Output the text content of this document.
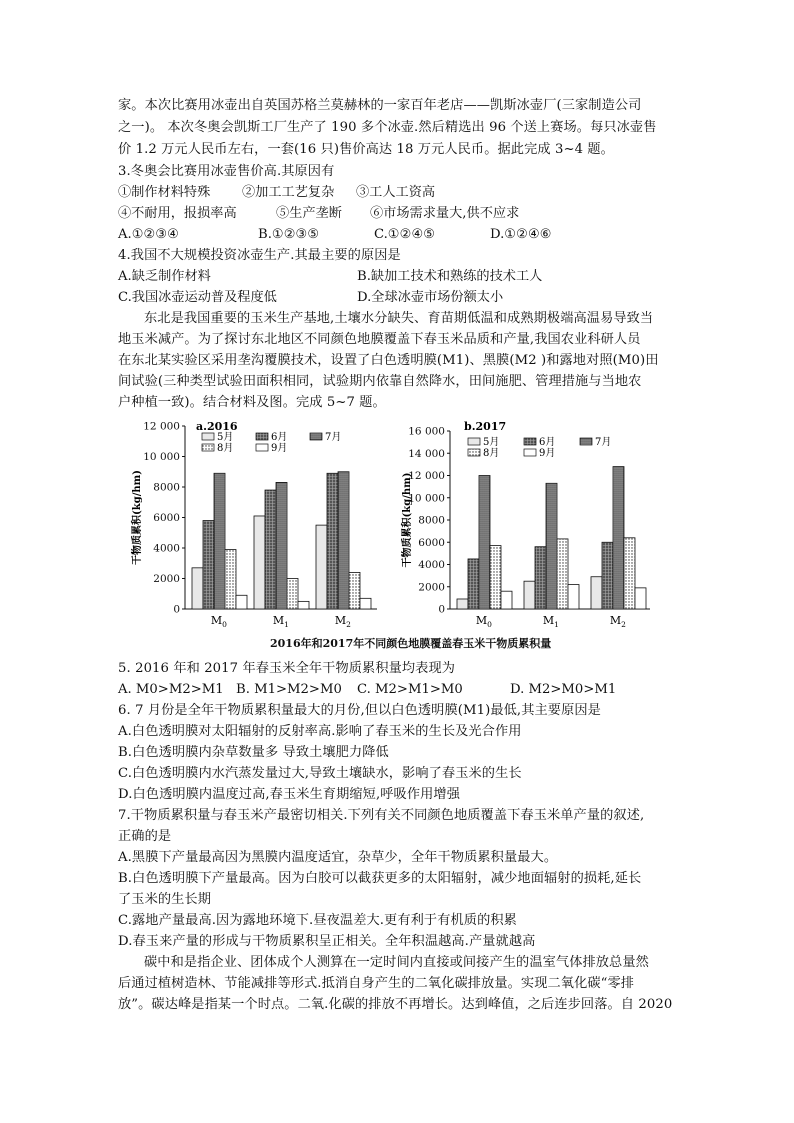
家。本次比赛用冰壶出自英国苏格兰莫赫林的一家百年老店——凯斯冰壶厂(三家制造公司
之一)。 本次冬奥会凯斯工厂生产了 190 多个冰壶.然后精选出 96 个送上赛场。每只冰壶售
价 1.2 万元人民币左右，一套(16 只)售价高达 18 万元人民币。据此完成 3~4 题。
3.冬奥会比赛用冰壶售价高.其原因有
①制作材料特殊 ②加工工艺复杂 ③工人工资高
④不耐用，报损率高	⑤生产垄断 ⑥市场需求量大,供不应求
A.①②③④	B.①②③⑤	C.①②④⑤	D.①②④⑥
4.我国不大规模投资冰壶生产.其最主要的原因是
A.缺乏制作材料	B.缺加工技术和熟练的技术工人
C.我国冰壶运动普及程度低	D.全球冰壶市场份额太小
东北是我国重要的玉米生产基地,土壤水分缺失、育苗期低温和成熟期极端高温易导致当
地玉米减产。为了探讨东北地区不同颜色地膜覆盖下春玉米品质和产量,我国农业科研人员
在东北某实验区采用垄沟覆膜技术，设置了白色透明膜(M1)、黑膜(M2 )和露地对照(M0)田
间试验(三种类型试验田面积相同，试验期内依靠自然降水，田间施肥、管理措施与当地农
户种植一致)。结合材料及图。完成 5~7 题。
0
2000
4000
6000
8000
10 000
12 000
干物质累积(kg/hm)
a.2016
M 0	M 1	M 2
5月	6月	7月
8月	9月
0
2000
4000
6000
8000
10 000
12 000
14 000
16 000
干物质累积(kg/hm)
b.2017
M 0	M 1	M 2
5月	6月	7月
8月	9月
2016年和2017年不同颜色地膜覆盖春玉米干物质累积量
5. 2016 年和 2017 年春玉米全年干物质累积量均表现为
A. M0>M2>M1 B. M1>M2>M0 C. M2>M1>M0	D. M2>M0>M1
6. 7 月份是全年干物质累积量最大的月份,但以白色透明膜(M1)最低,其主要原因是
A.白色透明膜对太阳辐射的反射率高.影响了春玉米的生长及光合作用
B.白色透明膜内杂草数量多 导致土壤肥力降低
C.白色透明膜内水汽蒸发量过大,导致土壤缺水，影响了春玉米的生长
D.白色透明膜内温度过高,春玉米生育期缩短,呼吸作用增强
7.干物质累积量与春玉米产最密切相关.下列有关不同颜色地质覆盖下春玉米单产量的叙述,
正确的是
A.黑膜下产量最高因为黑膜内温度适宜，杂草少，全年干物质累积量最大。
B.白色透明膜下产量最高。因为白胶可以截获更多的太阳辐射，减少地面辐射的损耗,延长
了玉米的生长期
C.露地产量最高.因为露地环境下.昼夜温差大.更有利于有机质的积累
D.春玉来产量的形成与干物质累积呈正相关。全年积温越高.产量就越高
碳中和是指企业、团体成个人测算在一定时间内直接或间接产生的温室气体排放总量然
后通过植树造林、节能减排等形式.抵消自身产生的二氧化碳排放量。实现二氧化碳“零排
放”。碳达峰是指某一个时点。二氧.化碳的排放不再增长。达到峰值，之后连步回落。自 2020
